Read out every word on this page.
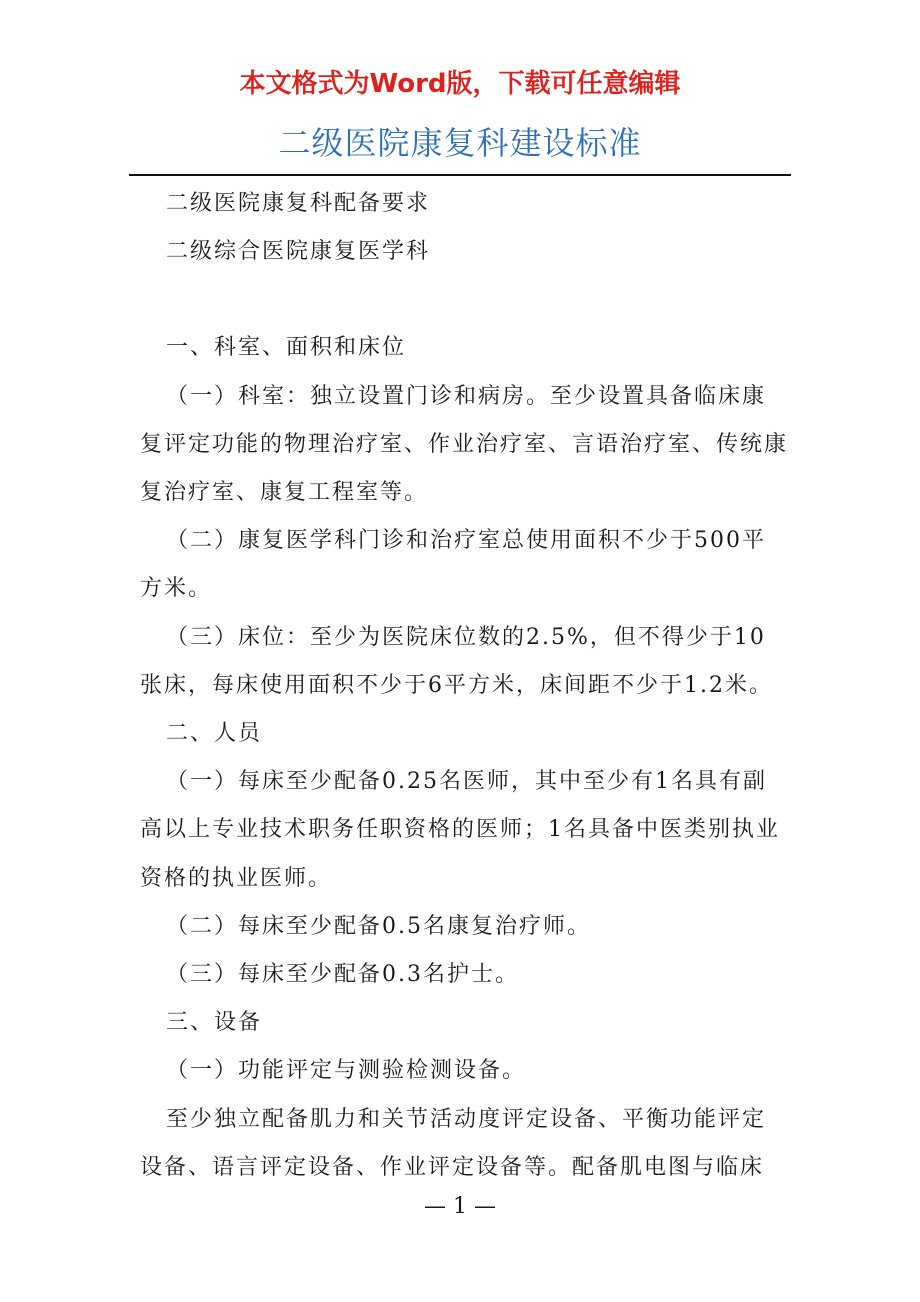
本文格式为Word版，下载可任意编辑
二级医院康复科建设标准

二级医院康复科配备要求

二级综合医院康复医学科

一、科室、面积和床位

（一）科室：独立设置门诊和病房。至少设置具备临床康复评定功能的物理治疗室、作业治疗室、言语治疗室、传统康复治疗室、康复工程室等。

（二）康复医学科门诊和治疗室总使用面积不少于500平方米。

（三）床位：至少为医院床位数的2.5%，但不得少于10张床，每床使用面积不少于6平方米，床间距不少于1.2米。

二、人员

（一）每床至少配备0.25名医师，其中至少有1名具有副高以上专业技术职务任职资格的医师；1名具备中医类别执业资格的执业医师。

（二）每床至少配备0.5名康复治疗师。

（三）每床至少配备0.3名护士。

三、设备

（一）功能评定与测验检测设备。

至少独立配备肌力和关节活动度评定设备、平衡功能评定设备、语言评定设备、作业评定设备等。配备肌电图与临床

— 1 —
